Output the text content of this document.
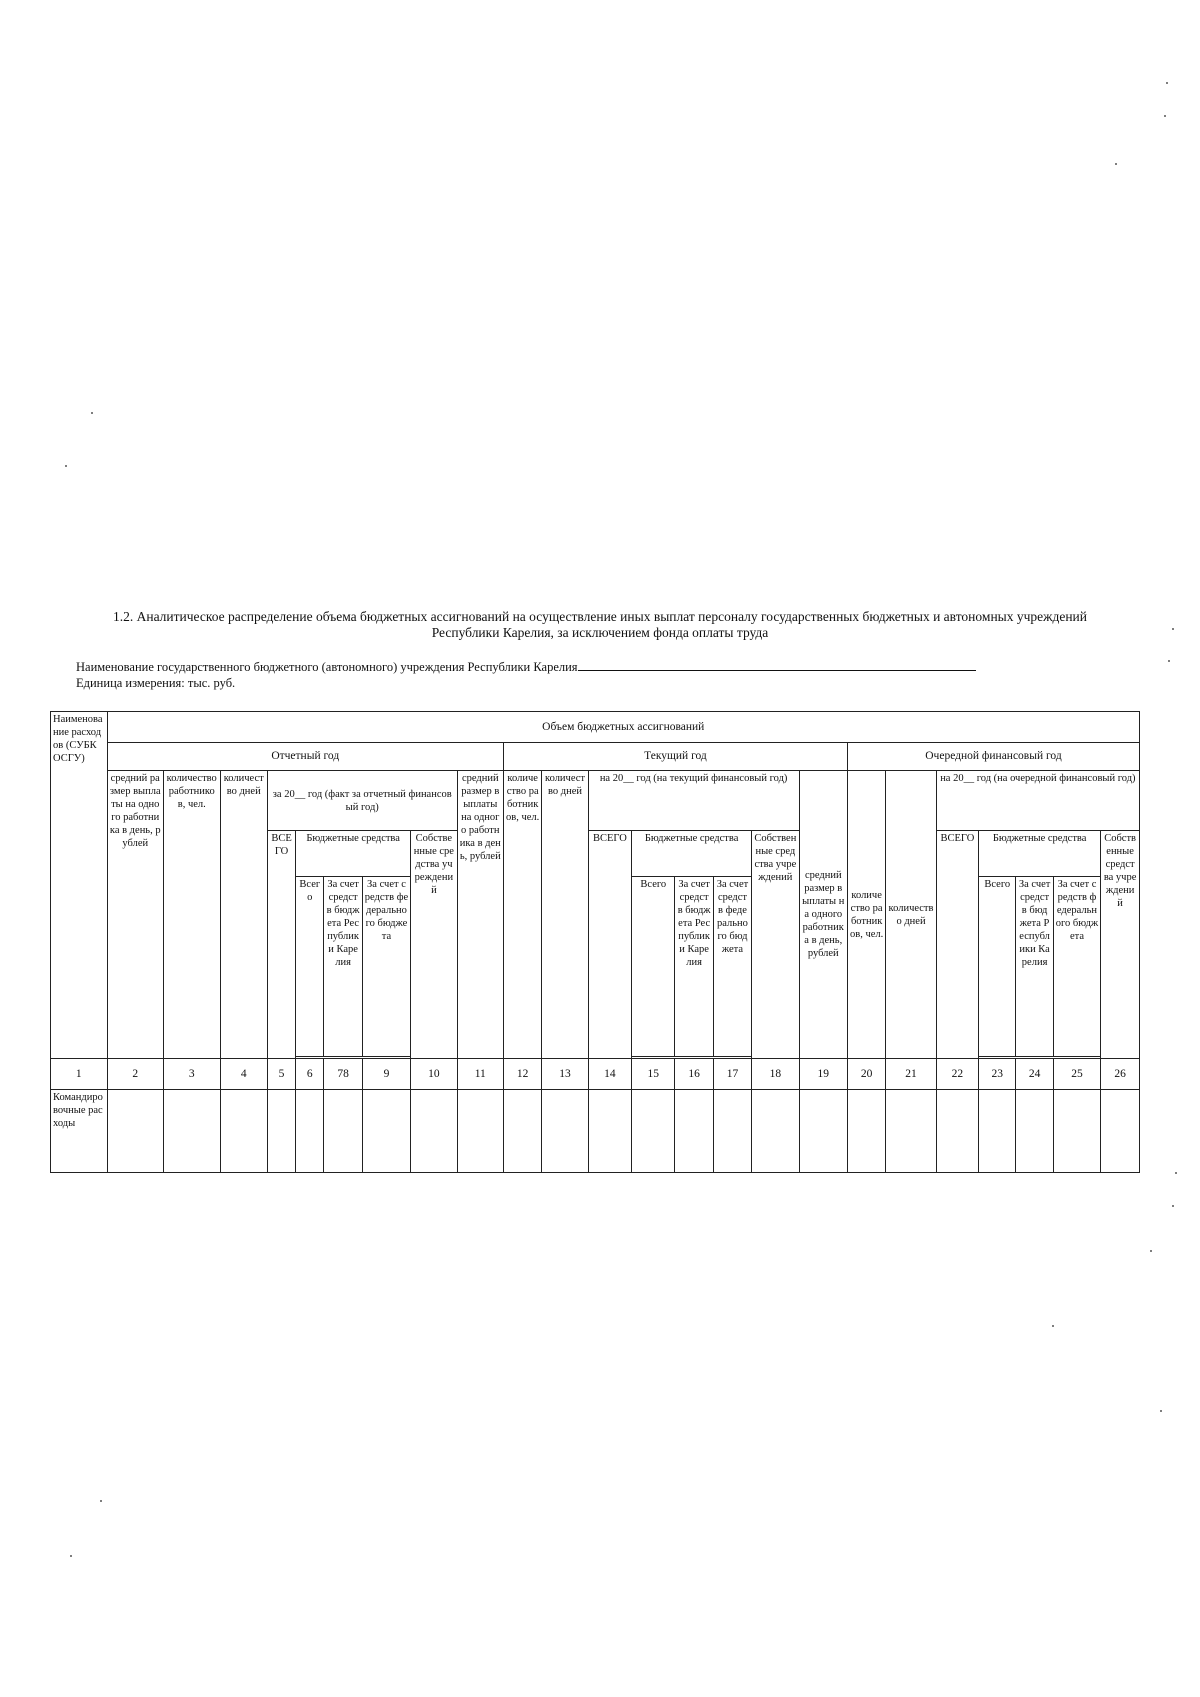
1.2. Аналитическое распределение объема бюджетных ассигнований на осуществление иных выплат персоналу государственных бюджетных и автономных учреждений
Республики Карелия, за исключением фонда оплаты труда
Наименование государственного бюджетного (автономного) учреждения Республики Карелия
Единица измерения: тыс. руб.
Наименование расходов (СУБК ОСГУ)	Объем бюджетных ассигнований																							
	Отчетный год									Текущий год								Очередной финансовый год						
	средний размер выплаты на одного работника в день, рублей	количество работников, чел.	количество дней	за 20__ год (факт за отчетный финансовый год)					средний размер выплаты на одного работника в день, рублей	количество работников, чел.	количество дней	на 20__ год (на текущий финансовый год)					средний размер выплаты на одного работника в день, рублей	количество работников, чел.	количество дней	на 20__ год (на очередной финансовый год)				
				ВСЕГО	Бюджетные средства			Собственные средства учреждений				ВСЕГО	Бюджетные средства			Собственные средства учреждений				ВСЕГО	Бюджетные средства			Собственные средства учреждений
					Всего	За счет средств бюджета Республики Карелия	За счет средств федерального бюджета						Всего	За счет средств бюджета Республики Карелия	За счет средств федерального бюджета						Всего	За счет средств бюджета Республики Карелия	За счет средств федерального бюджета	

1	2	3	4	5	6	78	9	10	11	12	13	14	15	16	17	18	19	20	21	22	23	24	25	26
Командировочные расходы																								
